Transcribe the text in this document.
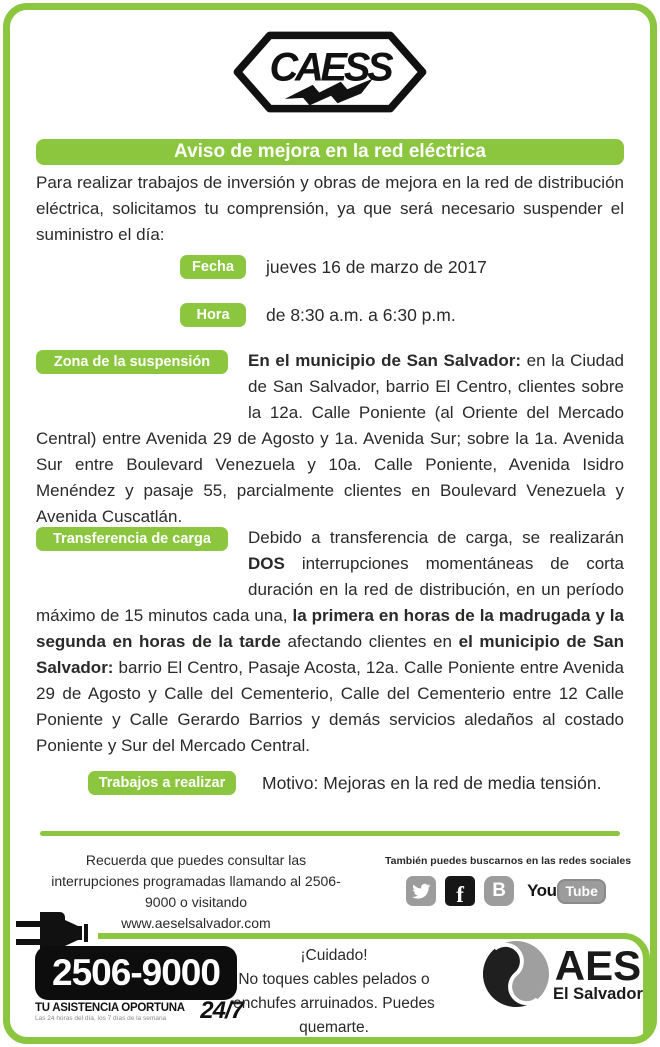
CAESS
Aviso de mejora en la red eléctrica
Para realizar trabajos de inversión y obras de mejora en la red de distribución eléctrica, solicitamos tu comprensión, ya que será necesario suspender el suministro el día:
Fecha	jueves 16 de marzo de 2017
Hora	de 8:30 a.m. a 6:30 p.m.
Zona de la suspensión	En el municipio de San Salvador: en la Ciudad de San Salvador, barrio El Centro, clientes sobre la 12a. Calle Poniente (al Oriente del Mercado Central) entre Avenida 29 de Agosto y 1a. Avenida Sur; sobre la 1a. Avenida Sur entre Boulevard Venezuela y 10a. Calle Poniente, Avenida Isidro Menéndez y pasaje 55, parcialmente clientes en Boulevard Venezuela y Avenida Cuscatlán.
Transferencia de carga	Debido a transferencia de carga, se realizarán DOS interrupciones momentáneas de corta duración en la red de distribución, en un período máximo de 15 minutos cada una, la primera en horas de la madrugada y la segunda en horas de la tarde afectando clientes en el municipio de San Salvador: barrio El Centro, Pasaje Acosta, 12a. Calle Poniente entre Avenida 29 de Agosto y Calle del Cementerio, Calle del Cementerio entre 12 Calle Poniente y Calle Gerardo Barrios y demás servicios aledaños al costado Poniente y Sur del Mercado Central.
Trabajos a realizar	Motivo: Mejoras en la red de media tensión.
Recuerda que puedes consultar las interrupciones programadas llamando al 2506-9000 o visitando
www.aeselsalvador.com
También puedes buscarnos en las redes sociales
f B You Tube
2506-9000
TU ASISTENCIA OPORTUNA
Las 24 horas del día, los 7 días de la semana	24/7
¡Cuidado!
No toques cables pelados o enchufes arruinados. Puedes quemarte.
AES
El Salvador
